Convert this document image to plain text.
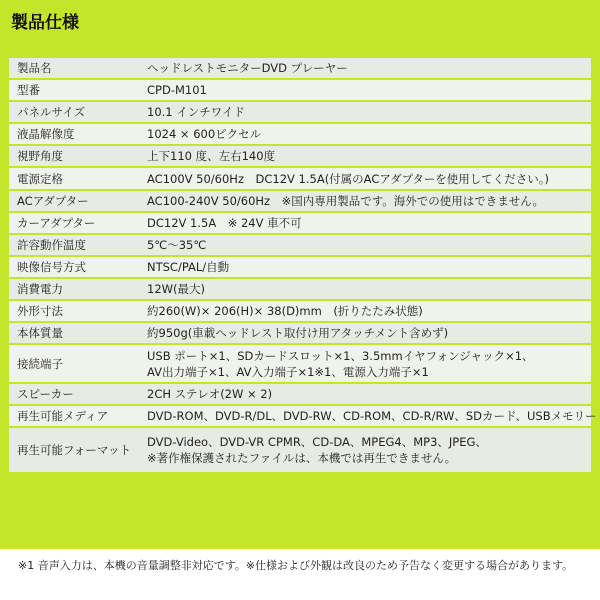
製品仕様
製品名	ヘッドレストモニターDVD プレーヤー

型番	CPD-M101

パネルサイズ	10.1 インチワイド

液晶解像度	1024 × 600ピクセル

視野角度	上下110 度、左右140度

電源定格	AC100V 50/60Hz　DC12V 1.5A(付属のACアダプターを使用してください。)

ACアダプター	AC100-240V 50/60Hz　※国内専用製品です。海外での使用はできません。

カーアダプター	DC12V 1.5A　※ 24V 車不可

許容動作温度	5℃～35℃

映像信号方式	NTSC/PAL/自動

消費電力	12W(最大)

外形寸法	約260(W)× 206(H)× 38(D)mm　(折りたたみ状態)

本体質量	約950g(車載ヘッドレスト取付け用アタッチメント含めず)

接続端子	USB ポート×1、SDカードスロット×1、3.5mmイヤフォンジャック×1、
AV出力端子×1、AV入力端子×1※1、電源入力端子×1

スピーカー	2CH ステレオ(2W × 2)

再生可能メディア	DVD-ROM、DVD-R/DL、DVD-RW、CD-ROM、CD-R/RW、SDカード、USBメモリー

再生可能フォーマット	DVD-Video、DVD-VR CPMR、CD-DA、MPEG4、MP3、JPEG、
※著作権保護されたファイルは、本機では再生できません。
※1 音声入力は、本機の音量調整非対応です。※仕様および外観は改良のため予告なく変更する場合があります。
